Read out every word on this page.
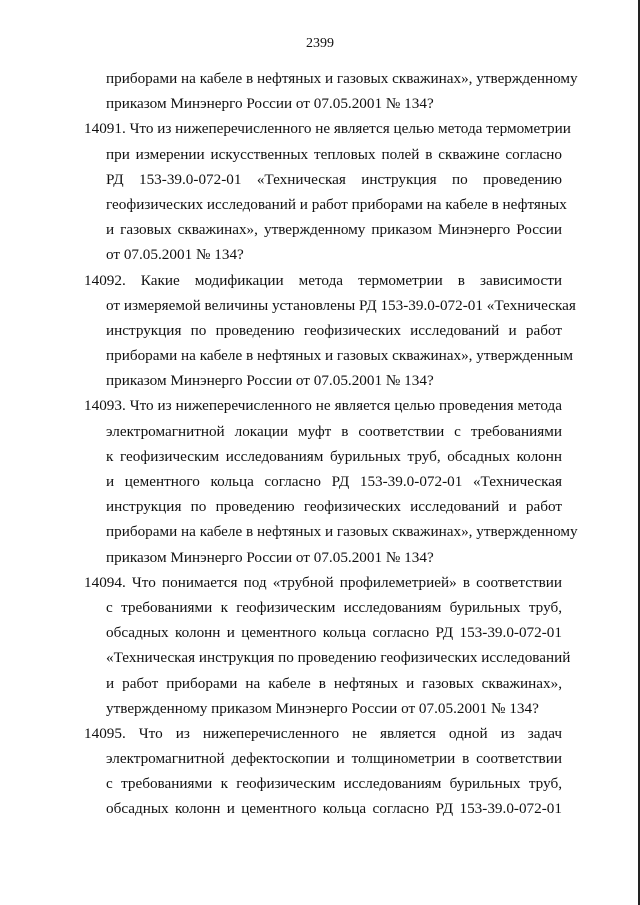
2399
приборами на кабеле в нефтяных и газовых скважинах», утвержденному
приказом Минэнерго России от 07.05.2001 № 134?
14091. Что из нижеперечисленного не является целью метода термометрии
при измерении искусственных тепловых полей в скважине согласно
РД 153-39.0-072-01 «Техническая инструкция по проведению
геофизических исследований и работ приборами на кабеле в нефтяных
и газовых скважинах», утвержденному приказом Минэнерго России
от 07.05.2001 № 134?
14092. Какие модификации метода термометрии в зависимости
от измеряемой величины установлены РД 153-39.0-072-01 «Техническая
инструкция по проведению геофизических исследований и работ
приборами на кабеле в нефтяных и газовых скважинах», утвержденным
приказом Минэнерго России от 07.05.2001 № 134?
14093. Что из нижеперечисленного не является целью проведения метода
электромагнитной локации муфт в соответствии с требованиями
к геофизическим исследованиям бурильных труб, обсадных колонн
и цементного кольца согласно РД 153-39.0-072-01 «Техническая
инструкция по проведению геофизических исследований и работ
приборами на кабеле в нефтяных и газовых скважинах», утвержденному
приказом Минэнерго России от 07.05.2001 № 134?
14094. Что понимается под «трубной профилеметрией» в соответствии
с требованиями к геофизическим исследованиям бурильных труб,
обсадных колонн и цементного кольца согласно РД 153-39.0-072-01
«Техническая инструкция по проведению геофизических исследований
и работ приборами на кабеле в нефтяных и газовых скважинах»,
утвержденному приказом Минэнерго России от 07.05.2001 № 134?
14095. Что из нижеперечисленного не является одной из задач
электромагнитной дефектоскопии и толщинометрии в соответствии
с требованиями к геофизическим исследованиям бурильных труб,
обсадных колонн и цементного кольца согласно РД 153-39.0-072-01
